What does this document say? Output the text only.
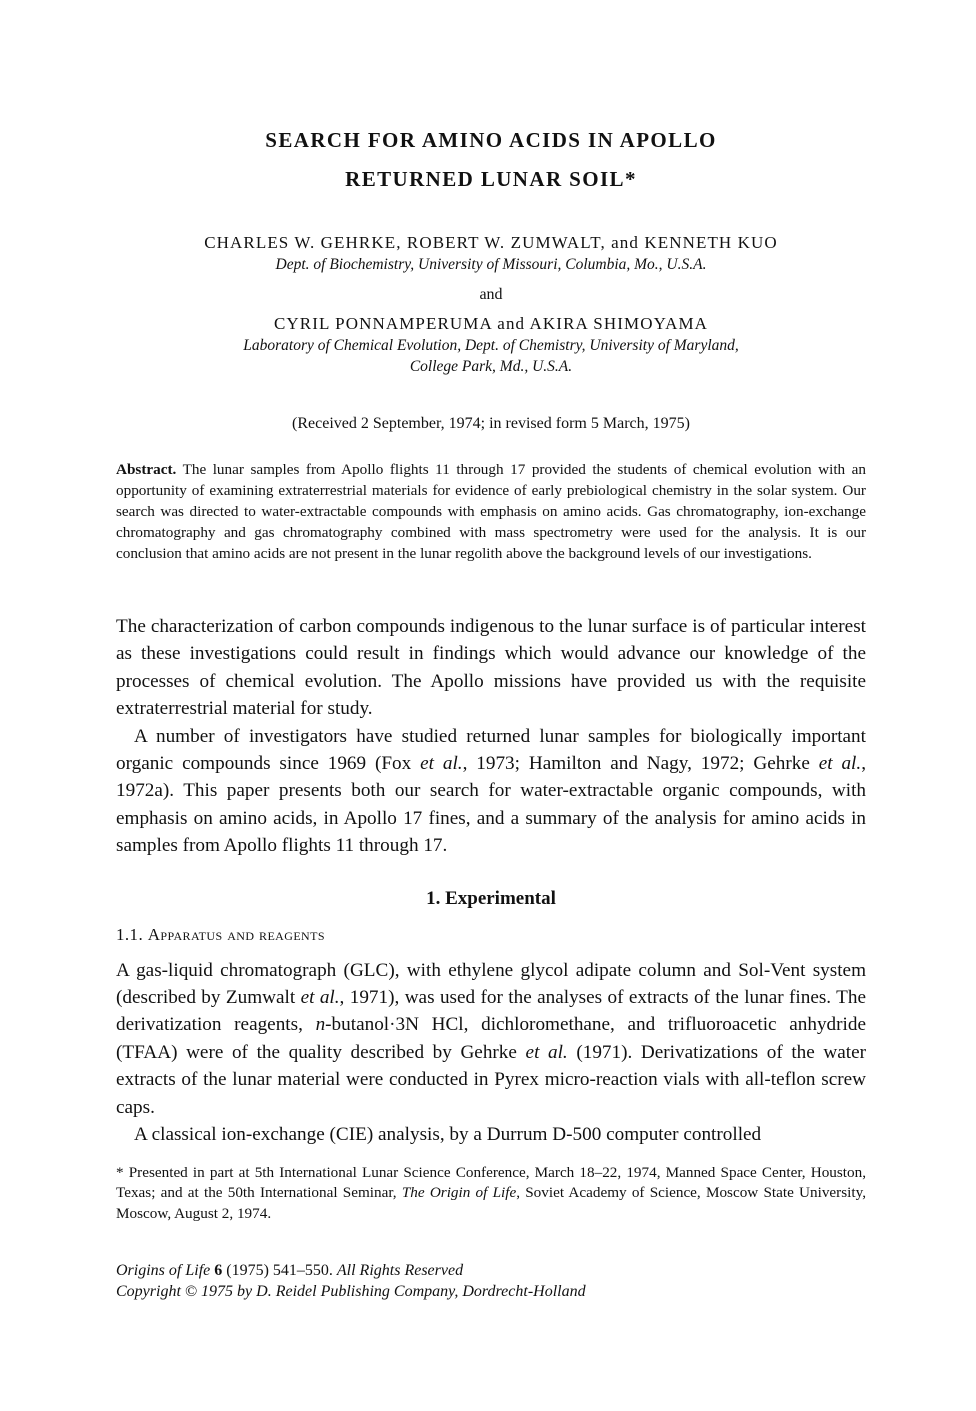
SEARCH FOR AMINO ACIDS IN APOLLO
RETURNED LUNAR SOIL*
CHARLES W. GEHRKE, ROBERT W. ZUMWALT, and KENNETH KUO
Dept. of Biochemistry, University of Missouri, Columbia, Mo., U.S.A.
and
CYRIL PONNAMPERUMA and AKIRA SHIMOYAMA
Laboratory of Chemical Evolution, Dept. of Chemistry, University of Maryland,
College Park, Md., U.S.A.
(Received 2 September, 1974; in revised form 5 March, 1975)
Abstract. The lunar samples from Apollo flights 11 through 17 provided the students of chemical evolution with an opportunity of examining extraterrestrial materials for evidence of early prebiological chemistry in the solar system. Our search was directed to water-extractable compounds with emphasis on amino acids. Gas chromatography, ion-exchange chromatography and gas chromatography combined with mass spectrometry were used for the analysis. It is our conclusion that amino acids are not present in the lunar regolith above the background levels of our investigations.
The characterization of carbon compounds indigenous to the lunar surface is of particular interest as these investigations could result in findings which would advance our knowledge of the processes of chemical evolution. The Apollo missions have provided us with the requisite extraterrestrial material for study.
A number of investigators have studied returned lunar samples for biologically important organic compounds since 1969 (Fox et al., 1973; Hamilton and Nagy, 1972; Gehrke et al., 1972a). This paper presents both our search for water-extractable organic compounds, with emphasis on amino acids, in Apollo 17 fines, and a summary of the analysis for amino acids in samples from Apollo flights 11 through 17.
1. Experimental
1.1. Apparatus and reagents
A gas-liquid chromatograph (GLC), with ethylene glycol adipate column and Sol-Vent system (described by Zumwalt et al., 1971), was used for the analyses of extracts of the lunar fines. The derivatization reagents, n-butanol·3N HCl, dichloromethane, and trifluoroacetic anhydride (TFAA) were of the quality described by Gehrke et al. (1971). Derivatizations of the water extracts of the lunar material were conducted in Pyrex micro-reaction vials with all-teflon screw caps.
A classical ion-exchange (CIE) analysis, by a Durrum D-500 computer controlled
* Presented in part at 5th International Lunar Science Conference, March 18–22, 1974, Manned Space Center, Houston, Texas; and at the 50th International Seminar, The Origin of Life, Soviet Academy of Science, Moscow State University, Moscow, August 2, 1974.
Origins of Life 6 (1975) 541–550. All Rights Reserved
Copyright © 1975 by D. Reidel Publishing Company, Dordrecht-Holland
